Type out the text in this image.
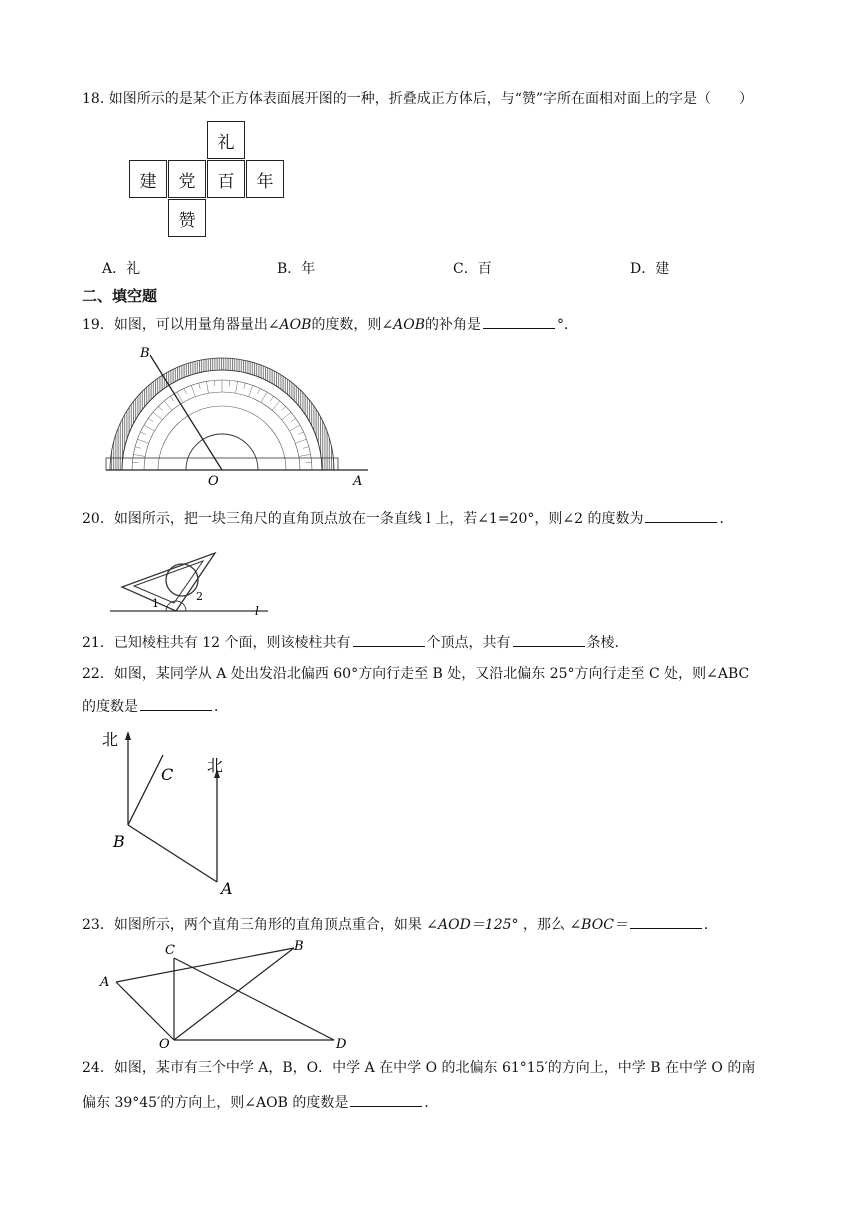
18. 如图所示的是某个正方体表面展开图的一种，折叠成正方体后，与“赞”字所在面相对面上的字是（　　）
礼
建	党	百	年
赞
A．礼	B．年	C．百	D．建
二、填空题
19．如图，可以用量角器量出∠AOB的度数，则∠AOB的补角是	°．
B
O	A
20．如图所示，把一块三角尺的直角顶点放在一条直线 l 上，若∠1=20°，则∠2 的度数为	．
1
2
l
21．已知棱柱共有 12 个面，则该棱柱共有	个顶点，共有	条棱.
22．如图，某同学从 A 处出发沿北偏西 60°方向行走至 B 处，又沿北偏东 25°方向行走至 C 处，则∠ABC
的度数是	．
北
北
C
B
A
23．如图所示，两个直角三角形的直角顶点重合，如果 ∠AOD＝125° ，那么 ∠BOC＝	．
A
C	B
O	D
24．如图，某市有三个中学 A，B，O．中学 A 在中学 O 的北偏东 61°15′的方向上，中学 B 在中学 O 的南
偏东 39°45′的方向上，则∠AOB 的度数是	．
